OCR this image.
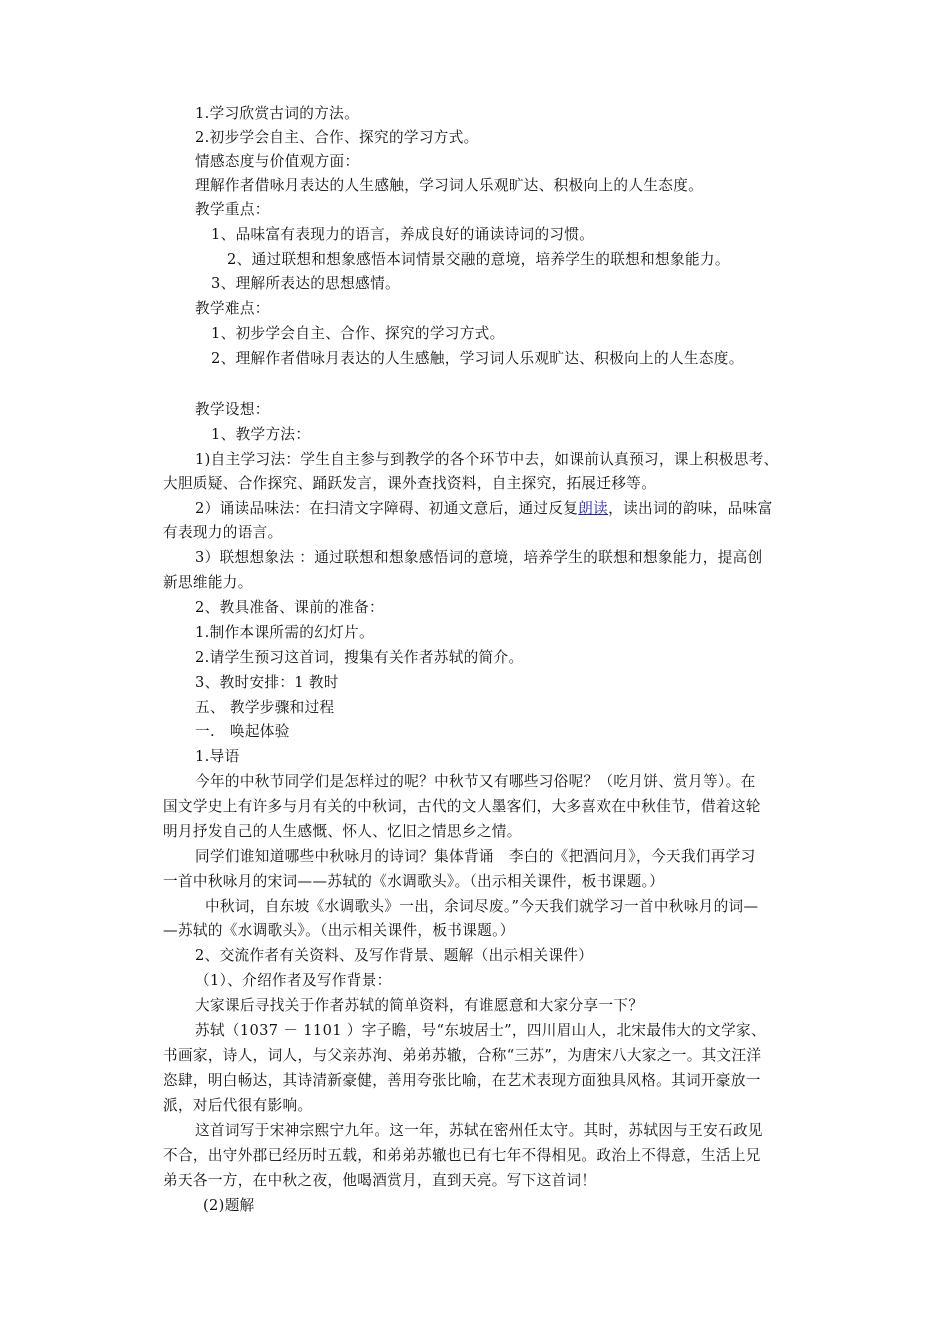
1.学习欣赏古词的方法。
2.初步学会自主、合作、探究的学习方式。
情感态度与价值观方面：
理解作者借咏月表达的人生感触，学习词人乐观旷达、积极向上的人生态度。
教学重点：
1、品味富有表现力的语言，养成良好的诵读诗词的习惯。
2、通过联想和想象感悟本词情景交融的意境，培养学生的联想和想象能力。
3、理解所表达的思想感情。
教学难点：
1、初步学会自主、合作、探究的学习方式。
2、理解作者借咏月表达的人生感触，学习词人乐观旷达、积极向上的人生态度。
教学设想：
1、教学方法：
1)自主学习法：学生自主参与到教学的各个环节中去，如课前认真预习，课上积极思考、
大胆质疑、合作探究、踊跃发言，课外查找资料，自主探究，拓展迁移等。
2）诵读品味法：在扫清文字障碍、初通文意后，通过反复朗读，读出词的韵味，品味富
有表现力的语言。
3）联想想象法 ：通过联想和想象感悟词的意境，培养学生的联想和想象能力，提高创
新思维能力。
2、教具准备、课前的准备：
1.制作本课所需的幻灯片。
2.请学生预习这首词，搜集有关作者苏轼的简介。
3、教时安排：1 教时
五、 教学步骤和过程
一.　唤起体验
1.导语
今年的中秋节同学们是怎样过的呢？中秋节又有哪些习俗呢？（吃月饼、赏月等）。在
国文学史上有许多与月有关的中秋词，古代的文人墨客们，大多喜欢在中秋佳节，借着这轮
明月抒发自己的人生感慨、怀人、忆旧之情思乡之情。
同学们谁知道哪些中秋咏月的诗词？集体背诵　李白的《把酒问月》，今天我们再学习
一首中秋咏月的宋词——苏轼的《水调歌头》。（出示相关课件，板书课题。）
中秋词，自东坡《水调歌头》一出，余词尽废。”今天我们就学习一首中秋咏月的词—
—苏轼的《水调歌头》。（出示相关课件，板书课题。）
2、交流作者有关资料、及写作背景、题解（出示相关课件）
（1）、介绍作者及写作背景：
大家课后寻找关于作者苏轼的简单资料，有谁愿意和大家分享一下？
苏轼（1037 － 1101 ）字子瞻，号“东坡居士”，四川眉山人，北宋最伟大的文学家、
书画家，诗人，词人，与父亲苏洵、弟弟苏辙，合称“三苏”，为唐宋八大家之一。其文汪洋
恣肆，明白畅达，其诗清新豪健，善用夸张比喻，在艺术表现方面独具风格。其词开豪放一
派，对后代很有影响。
这首词写于宋神宗熙宁九年。这一年，苏轼在密州任太守。其时，苏轼因与王安石政见
不合，出守外郡已经历时五载，和弟弟苏辙也已有七年不得相见。政治上不得意，生活上兄
弟天各一方，在中秋之夜，他喝酒赏月，直到天亮。写下这首词！
(2)题解
